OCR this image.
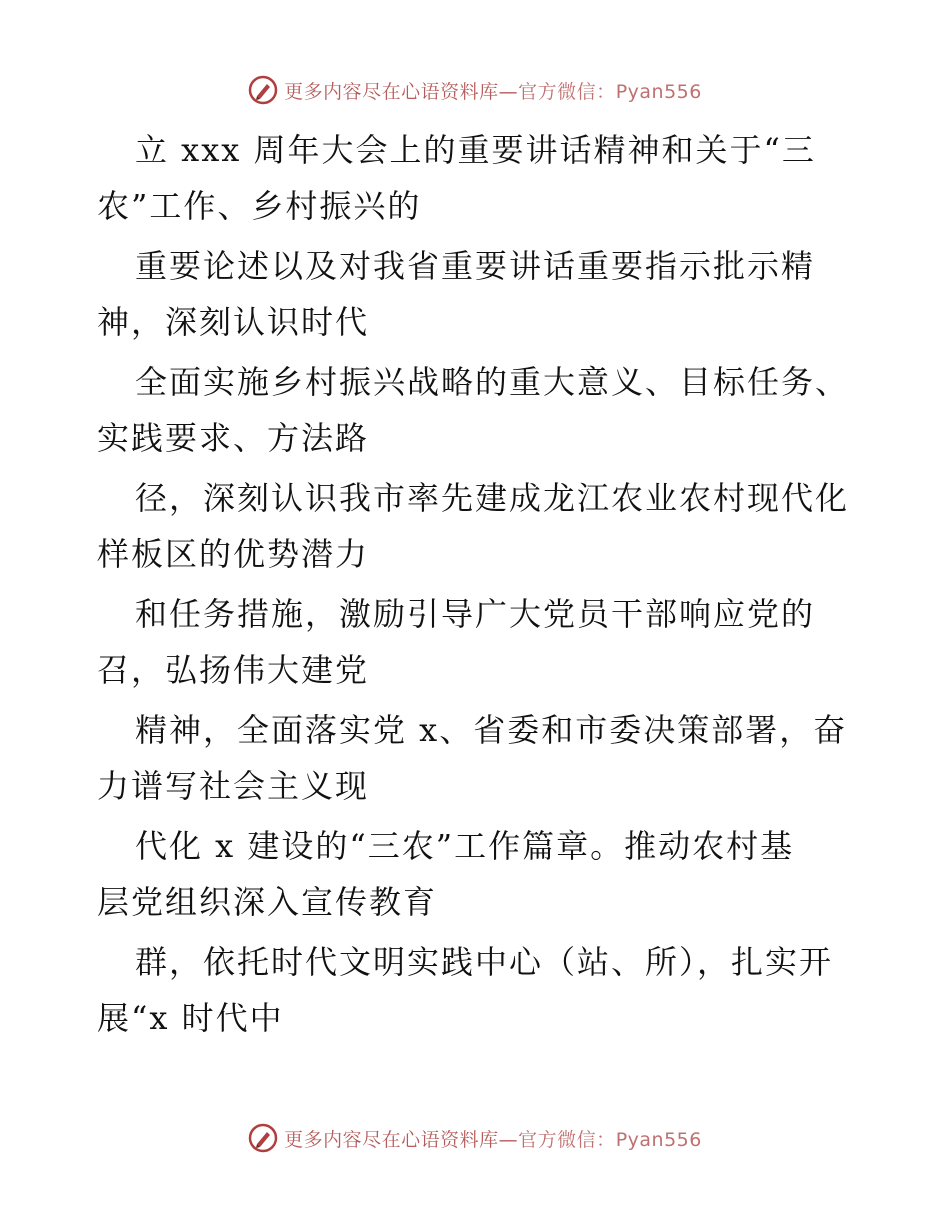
更多内容尽在心语资料库—官方微信：Pyan556
立 xxx 周年大会上的重要讲话精神和关于“三
农”工作、乡村振兴的
重要论述以及对我省重要讲话重要指示批示精
神，深刻认识时代
全面实施乡村振兴战略的重大意义、目标任务、
实践要求、方法路
径，深刻认识我市率先建成龙江农业农村现代化
样板区的优势潜力
和任务措施，激励引导广大党员干部响应党的
召，弘扬伟大建党
精神，全面落实党 x、省委和市委决策部署，奋
力谱写社会主义现
代化 x 建设的“三农”工作篇章。推动农村基
层党组织深入宣传教育
群，依托时代文明实践中心（站、所），扎实开
展“x 时代中
更多内容尽在心语资料库—官方微信：Pyan556
